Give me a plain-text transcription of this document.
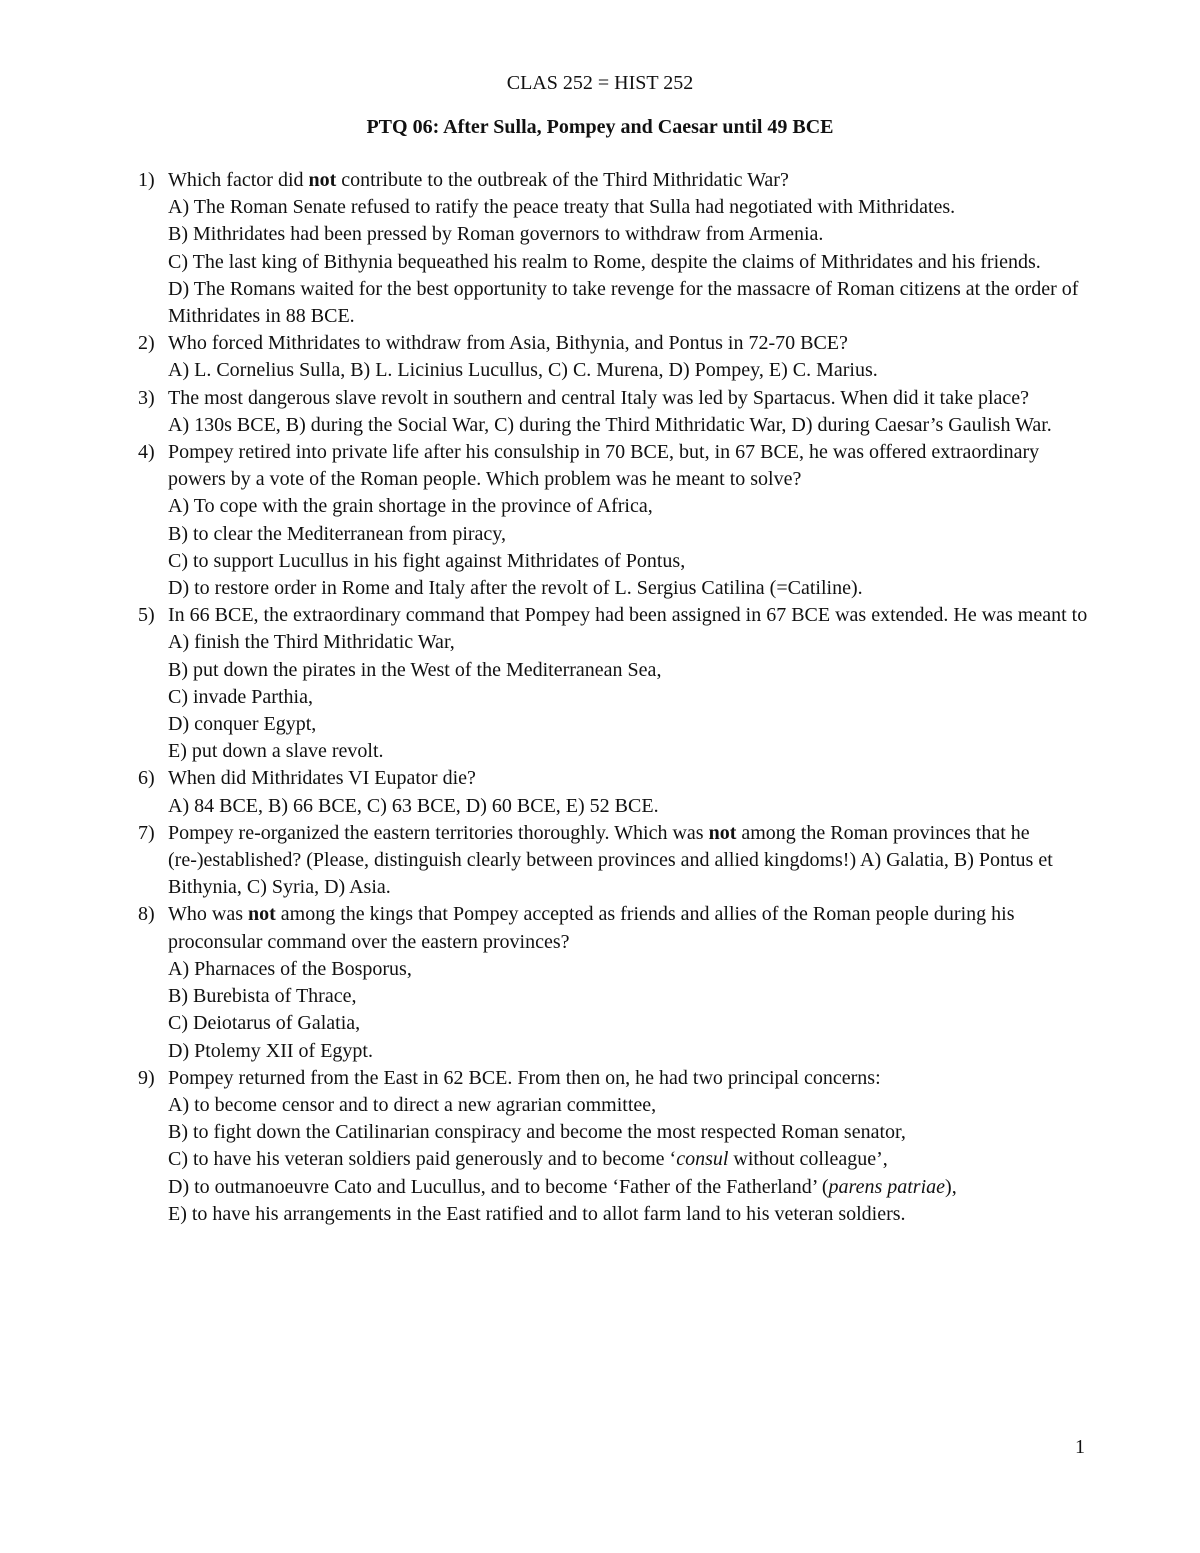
CLAS 252 = HIST 252
PTQ 06: After Sulla, Pompey and Caesar until 49 BCE
1) Which factor did not contribute to the outbreak of the Third Mithridatic War?
A) The Roman Senate refused to ratify the peace treaty that Sulla had negotiated with Mithridates.
B) Mithridates had been pressed by Roman governors to withdraw from Armenia.
C) The last king of Bithynia bequeathed his realm to Rome, despite the claims of Mithridates and his friends.
D) The Romans waited for the best opportunity to take revenge for the massacre of Roman citizens at the order of Mithridates in 88 BCE.
2) Who forced Mithridates to withdraw from Asia, Bithynia, and Pontus in 72-70 BCE?
A) L. Cornelius Sulla, B) L. Licinius Lucullus, C) C. Murena, D) Pompey, E) C. Marius.
3) The most dangerous slave revolt in southern and central Italy was led by Spartacus. When did it take place?
A) 130s BCE, B) during the Social War, C) during the Third Mithridatic War, D) during Caesar’s Gaulish War.
4) Pompey retired into private life after his consulship in 70 BCE, but, in 67 BCE, he was offered extraordinary powers by a vote of the Roman people. Which problem was he meant to solve?
A) To cope with the grain shortage in the province of Africa,
B) to clear the Mediterranean from piracy,
C) to support Lucullus in his fight against Mithridates of Pontus,
D) to restore order in Rome and Italy after the revolt of L. Sergius Catilina (=Catiline).
5) In 66 BCE, the extraordinary command that Pompey had been assigned in 67 BCE was extended. He was meant to
A) finish the Third Mithridatic War,
B) put down the pirates in the West of the Mediterranean Sea,
C) invade Parthia,
D) conquer Egypt,
E) put down a slave revolt.
6) When did Mithridates VI Eupator die?
A) 84 BCE, B) 66 BCE, C) 63 BCE, D) 60 BCE, E) 52 BCE.
7) Pompey re-organized the eastern territories thoroughly. Which was not among the Roman provinces that he (re-)established? (Please, distinguish clearly between provinces and allied kingdoms!) A) Galatia, B) Pontus et Bithynia, C) Syria, D) Asia.
8) Who was not among the kings that Pompey accepted as friends and allies of the Roman people during his proconsular command over the eastern provinces?
A) Pharnaces of the Bosporus,
B) Burebista of Thrace,
C) Deiotarus of Galatia,
D) Ptolemy XII of Egypt.
9) Pompey returned from the East in 62 BCE. From then on, he had two principal concerns:
A) to become censor and to direct a new agrarian committee,
B) to fight down the Catilinarian conspiracy and become the most respected Roman senator,
C) to have his veteran soldiers paid generously and to become ‘consul without colleague’,
D) to outmanoeuvre Cato and Lucullus, and to become ‘Father of the Fatherland’ (parens patriae),
E) to have his arrangements in the East ratified and to allot farm land to his veteran soldiers.
1
